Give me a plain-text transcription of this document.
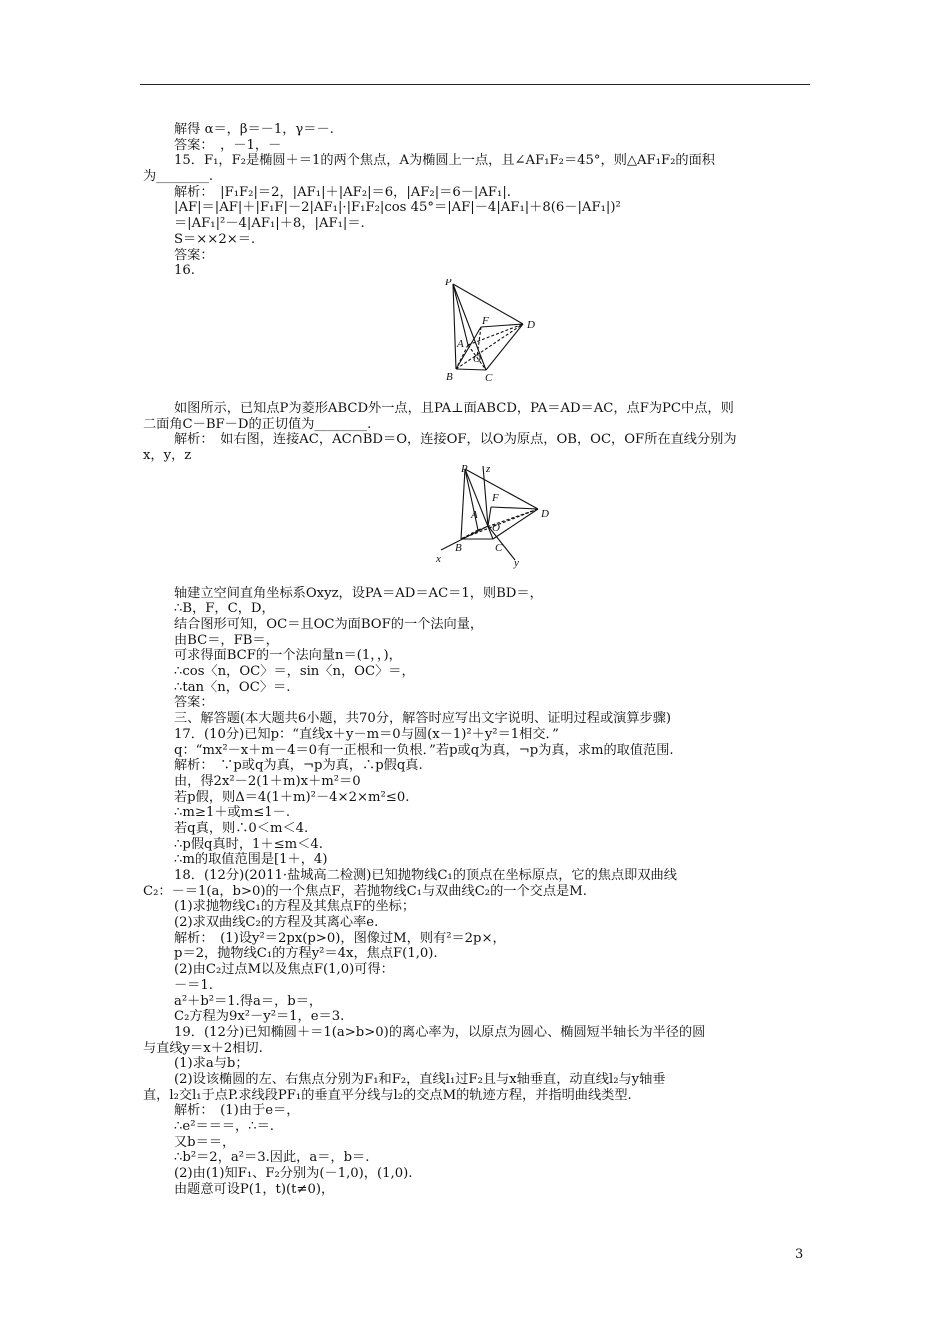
解得 α＝，β＝－1，γ＝－.
答案：　，－1，－
15．F₁，F₂是椭圆＋＝1的两个焦点，A为椭圆上一点，且∠AF₁F₂＝45°，则△AF₁F₂的面积
为________.
解析：　|F₁F₂|＝2，|AF₁|＋|AF₂|＝6，|AF₂|＝6－|AF₁|.
|AF|＝|AF|＋|F₁F|－2|AF₁|·|F₁F₂|cos 45°＝|AF|－4|AF₁|＋8(6－|AF₁|)²
＝|AF₁|²－4|AF₁|＋8，|AF₁|＝.
S＝××2×＝.
答案：
16.
P
A
F
O
D
B	C
如图所示，已知点P为菱形ABCD外一点，且PA⊥面ABCD，PA＝AD＝AC，点F为PC中点，则
二面角C－BF－D的正切值为________.
解析：　如右图，连接AC，AC∩BD＝O，连接OF，以O为原点，OB，OC，OF所在直线分别为
x，y，z
P z
A
F
O
D
B	C
x	y
轴建立空间直角坐标系Oxyz，设PA＝AD＝AC＝1，则BD＝，
∴B，F，C，D，
结合图形可知，OC＝且OC为面BOF的一个法向量，
由BC＝，FB＝，
可求得面BCF的一个法向量n＝(1，，)，
∴cos〈n，OC〉＝，sin〈n，OC〉＝，
∴tan〈n，OC〉＝.
答案：
三、解答题(本大题共6小题，共70分，解答时应写出文字说明、证明过程或演算步骤)
17．(10分)已知p：“直线x＋y－m＝0与圆(x－1)²＋y²＝1相交．”
q：“mx²－x＋m－4＝0有一正根和一负根．”若p或q为真，¬p为真，求m的取值范围.
解析：　∵p或q为真，¬p为真，∴p假q真.
由，得2x²－2(1＋m)x＋m²＝0
若p假，则Δ＝4(1＋m)²－4×2×m²≤0.
∴m≥1＋或m≤1－.
若q真，则∴0＜m＜4.
∴p假q真时，1＋≤m＜4.
∴m的取值范围是[1＋，4)
18．(12分)(2011·盐城高二检测)已知抛物线C₁的顶点在坐标原点，它的焦点即双曲线
C₂：－＝1(a，b>0)的一个焦点F，若抛物线C₁与双曲线C₂的一个交点是M.
(1)求抛物线C₁的方程及其焦点F的坐标；
(2)求双曲线C₂的方程及其离心率e.
解析：　(1)设y²＝2px(p>0)，图像过M，则有²＝2p×，
p＝2，抛物线C₁的方程y²＝4x，焦点F(1,0).
(2)由C₂过点M以及焦点F(1,0)可得：
－＝1.
a²＋b²＝1.得a＝，b＝，
C₂方程为9x²－y²＝1，e＝3.
19．(12分)已知椭圆＋＝1(a>b>0)的离心率为，以原点为圆心、椭圆短半轴长为半径的圆
与直线y＝x＋2相切.
(1)求a与b；
(2)设该椭圆的左、右焦点分别为F₁和F₂，直线l₁过F₂且与x轴垂直，动直线l₂与y轴垂
直，l₂交l₁于点P.求线段PF₁的垂直平分线与l₂的交点M的轨迹方程，并指明曲线类型.
解析：　(1)由于e＝，
∴e²＝＝＝，∴＝.
又b＝＝，
∴b²＝2，a²＝3.因此，a＝，b＝.
(2)由(1)知F₁、F₂分别为(－1,0)，(1,0).
由题意可设P(1，t)(t≠0)，
3
